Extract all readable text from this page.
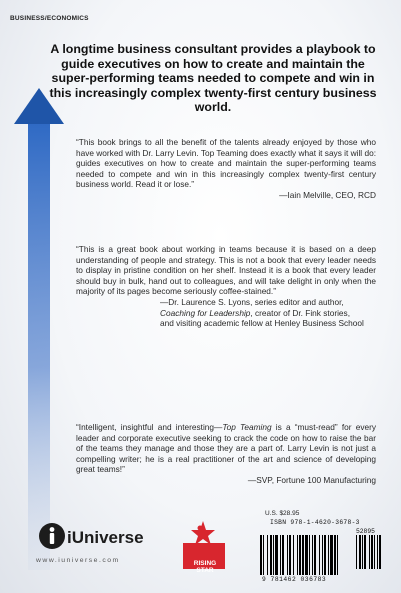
BUSINESS/ECONOMICS
A longtime business consultant provides a playbook to guide executives on how to create and maintain the super-performing teams needed to compete and win in this increasingly complex twenty-first century business world.
“This book brings to all the benefit of the talents already enjoyed by those who have worked with Dr. Larry Levin. Top Teaming does exactly what it says it will do: guides executives on how to create and maintain the super-performing teams needed to compete and win in this increasingly complex twenty-first century business world. Read it or lose.”
—Iain Melville, CEO, RCD
“This is a great book about working in teams because it is based on a deep understanding of people and strategy. This is not a book that every leader needs to display in pristine condition on her shelf. Instead it is a book that every leader should buy in bulk, hand out to colleagues, and will take delight in only when the majority of its pages become seriously coffee-stained.”
—Dr. Laurence S. Lyons, series editor and author,
Coaching for Leadership, creator of Dr. Fink stories,
and visiting academic fellow at Henley Business School
“Intelligent, insightful and interesting—Top Teaming is a “must-read” for every leader and corporate executive seeking to crack the code on how to raise the bar of the teams they manage and those they are a part of. Larry Levin is not just a compelling writer; he is a real practitioner of the art and science of developing great teams!”
—SVP, Fortune 100 Manufacturing
iUniverse
www.iuniverse.com	RISING
STAR
U.S. $28.95
ISBN 978-1-4620-3678-3
52895
9 781462 036783
